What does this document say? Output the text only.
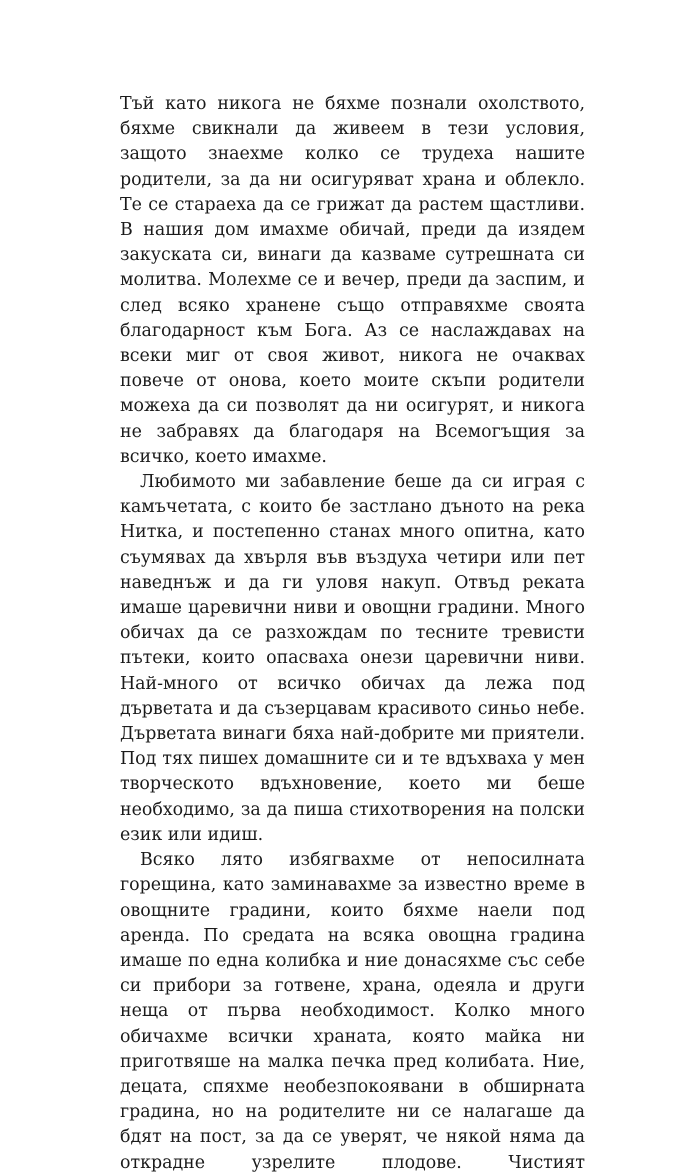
Тъй като никога не бяхме познали охолството, бяхме свикнали да живеем в тези условия, защото знаехме колко се трудеха нашите родители, за да ни осигуряват храна и облекло. Те се стараеха да се грижат да растем щастливи. В нашия дом имахме обичай, преди да изядем закуската си, винаги да казваме сутрешната си молитва. Молехме се и вечер, преди да заспим, и след всяко хранене също отправяхме своята благодарност към Бога. Аз се наслаждавах на всеки миг от своя живот, никога не очаквах повече от онова, което моите скъпи родители можеха да си позволят да ни осигурят, и никога не забравях да благодаря на Всемогъщия за всичко, което имахме.

Любимото ми забавление беше да си играя с камъчетата, с които бе застлано дъното на река Нитка, и постепенно станах много опитна, като съумявах да хвърля във въздуха четири или пет наведнъж и да ги уловя накуп. Отвъд реката имаше царевични ниви и овощни градини. Много обичах да се разхождам по тесните тревисти пътеки, които опасваха онези царевични ниви. Най-много от всичко обичах да лежа под дърветата и да съзерцавам красивото синьо небе. Дърветата винаги бяха най-добрите ми приятели. Под тях пишех домашните си и те вдъхваха у мен творческото вдъхновение, което ми беше необходимо, за да пиша стихотворения на полски език или идиш.

Всяко лято избягвахме от непосилната горещина, като заминавахме за известно време в овощните градини, които бяхме наели под аренда. По средата на всяка овощна градина имаше по една колибка и ние донасяхме със себе си прибори за готвене, храна, одеяла и други неща от първа необходимост. Колко много обичахме всички храната, която майка ни приготвяше на малка печка пред колибата. Ние, децата, спяхме необезпокоявани в обширната градина, но на родителите ни се налагаше да бдят на пост, за да се уверят, че някой няма да открадне узрелите плодове. Чистият
